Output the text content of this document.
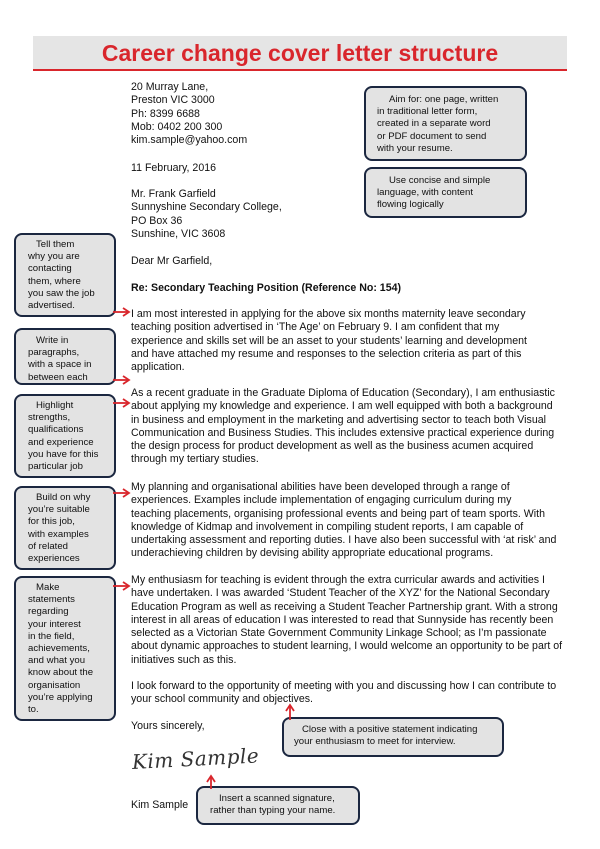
Career change cover letter structure
20 Murray Lane,
Preston VIC 3000
Ph: 8399 6688
Mob: 0402 200 300
kim.sample@yahoo.com
11 February, 2016
Mr. Frank Garfield
Sunnyshine Secondary College,
PO Box 36
Sunshine, VIC 3608
Dear Mr Garfield,
Re: Secondary Teaching Position (Reference No: 154)
I am most interested in applying for the above six months maternity leave secondary
teaching position advertised in ‘The Age’ on February 9. I am confident that my
experience and skills set will be an asset to your students’ learning and development
and have attached my resume and responses to the selection criteria as part of this
application.
As a recent graduate in the Graduate Diploma of Education (Secondary), I am enthusiastic
about applying my knowledge and experience. I am well equipped with both a background
in business and employment in the marketing and advertising sector to teach both Visual
Communication and Business Studies. This includes extensive practical experience during
the design process for product development as well as the business acumen acquired
through my tertiary studies.
My planning and organisational abilities have been developed through a range of
experiences. Examples include implementation of engaging curriculum during my
teaching placements, organising professional events and being part of team sports. With
knowledge of Kidmap and involvement in compiling student reports, I am capable of
undertaking assessment and reporting duties. I have also been successful with ‘at risk’ and
underachieving children by devising ability appropriate educational programs.
My enthusiasm for teaching is evident through the extra curricular awards and activities I
have undertaken. I was awarded ‘Student Teacher of the XYZ’ for the National Secondary
Education Program as well as receiving a Student Teacher Partnership grant. With a strong
interest in all areas of education I was interested to read that Sunnyside has recently been
selected as a Victorian State Government Community Linkage School; as I’m passionate
about dynamic approaches to student learning, I would welcome an opportunity to be part of
initiatives such as this.
I look forward to the opportunity of meeting with you and discussing how I can contribute to
your school community and objectives.
Yours sincerely,
Kim Sample
Kim Sample
Aim for: one page, written
in traditional letter form,
created in a separate word
or PDF document to send
with your resume.
Use concise and simple
language, with content
flowing logically
Tell them
why you are
contacting
them, where
you saw the job
advertised.
Write in
paragraphs,
with a space in
between each
Highlight
strengths,
qualifications
and experience
you have for this
particular job
Build on why
you’re suitable
for this job,
with examples
of related
experiences
Make
statements
regarding
your interest
in the field,
achievements,
and what you
know about the
organisation
you’re applying
to.
Close with a positive statement indicating
your enthusiasm to meet for interview.
Insert a scanned signature,
rather than typing your name.
